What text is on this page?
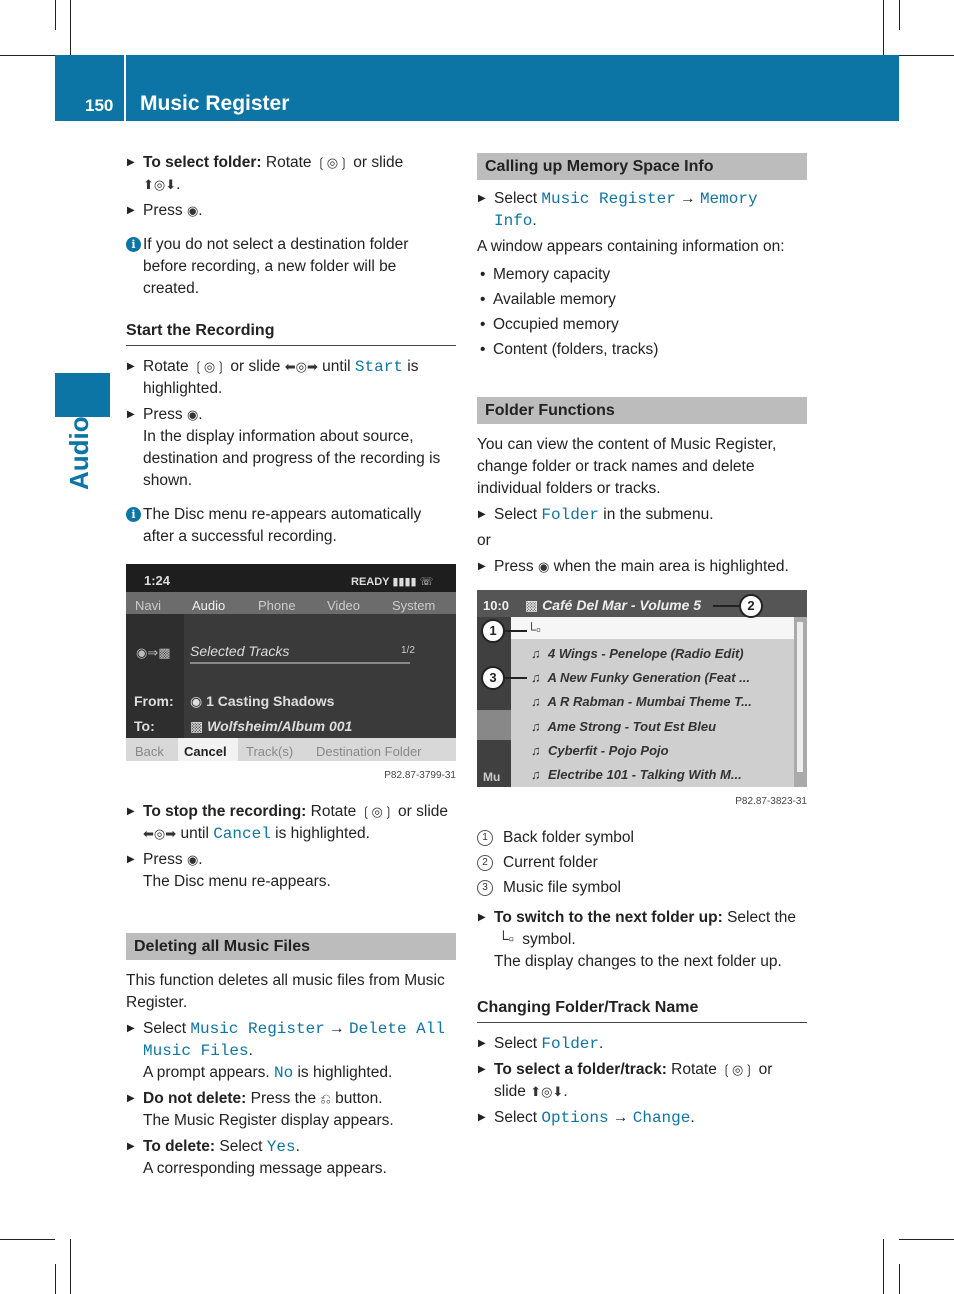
150 Music Register
Audio

▶ To select folder: Rotate ❲◎❳ or slide
⬆◎⬇.

▶ Press ◉.

i If you do not select a destination folder before recording, a new folder will be created.

Start the Recording

▶ Rotate ❲◎❳ or slide ⬅◎➡ until Start is highlighted.

▶ Press ◉.
In the display information about source, destination and progress of the recording is shown.

i The Disc menu re-appears automatically after a successful recording.

1:24	READY ▮▮▮▮ ☏
Navi Audio	Phone Video System
◉⇒▩ Selected Tracks	1/2
From: ◉ 1 Casting Shadows
To:	▩ Wolfsheim/Album 001
Back Cancel Track(s) Destination Folder
P82.87-3799-31

▶ To stop the recording: Rotate ❲◎❳ or slide ⬅◎➡ until Cancel is highlighted.

▶ Press ◉.
The Disc menu re-appears.

Deleting all Music Files

This function deletes all music files from Music Register.

▶ Select Music Register → Delete All Music Files.
A prompt appears. No is highlighted.

▶ Do not delete: Press the ⎌ button.
The Music Register display appears.

▶ To delete: Select Yes.
A corresponding message appears.

Calling up Memory Space Info

▶ Select Music Register → Memory Info.

A window appears containing information on:

• Memory capacity

• Available memory

• Occupied memory

• Content (folders, tracks)

Folder Functions

You can view the content of Music Register, change folder or track names and delete individual folders or tracks.

▶ Select Folder in the submenu.

or

▶ Press ◉ when the main area is highlighted.

10:0 ▩ Café Del Mar - Volume 5
Mu
└▫
♫  4 Wings - Penelope (Radio Edit)
♫  A New Funky Generation (Feat ...
♫  A R Rabman - Mumbai Theme T...
♫  Ame Strong - Tout Est Bleu
♫  Cyberfit - Pojo Pojo
♫  Electribe 101 - Talking With M...
2
1
3
P82.87-3823-31

1 Back folder symbol

2 Current folder

3 Music file symbol

▶ To switch to the next folder up: Select the └▫ symbol.
The display changes to the next folder up.

Changing Folder/Track Name

▶ Select Folder.

▶ To select a folder/track: Rotate ❲◎❳ or slide ⬆◎⬇.

▶ Select Options → Change.
